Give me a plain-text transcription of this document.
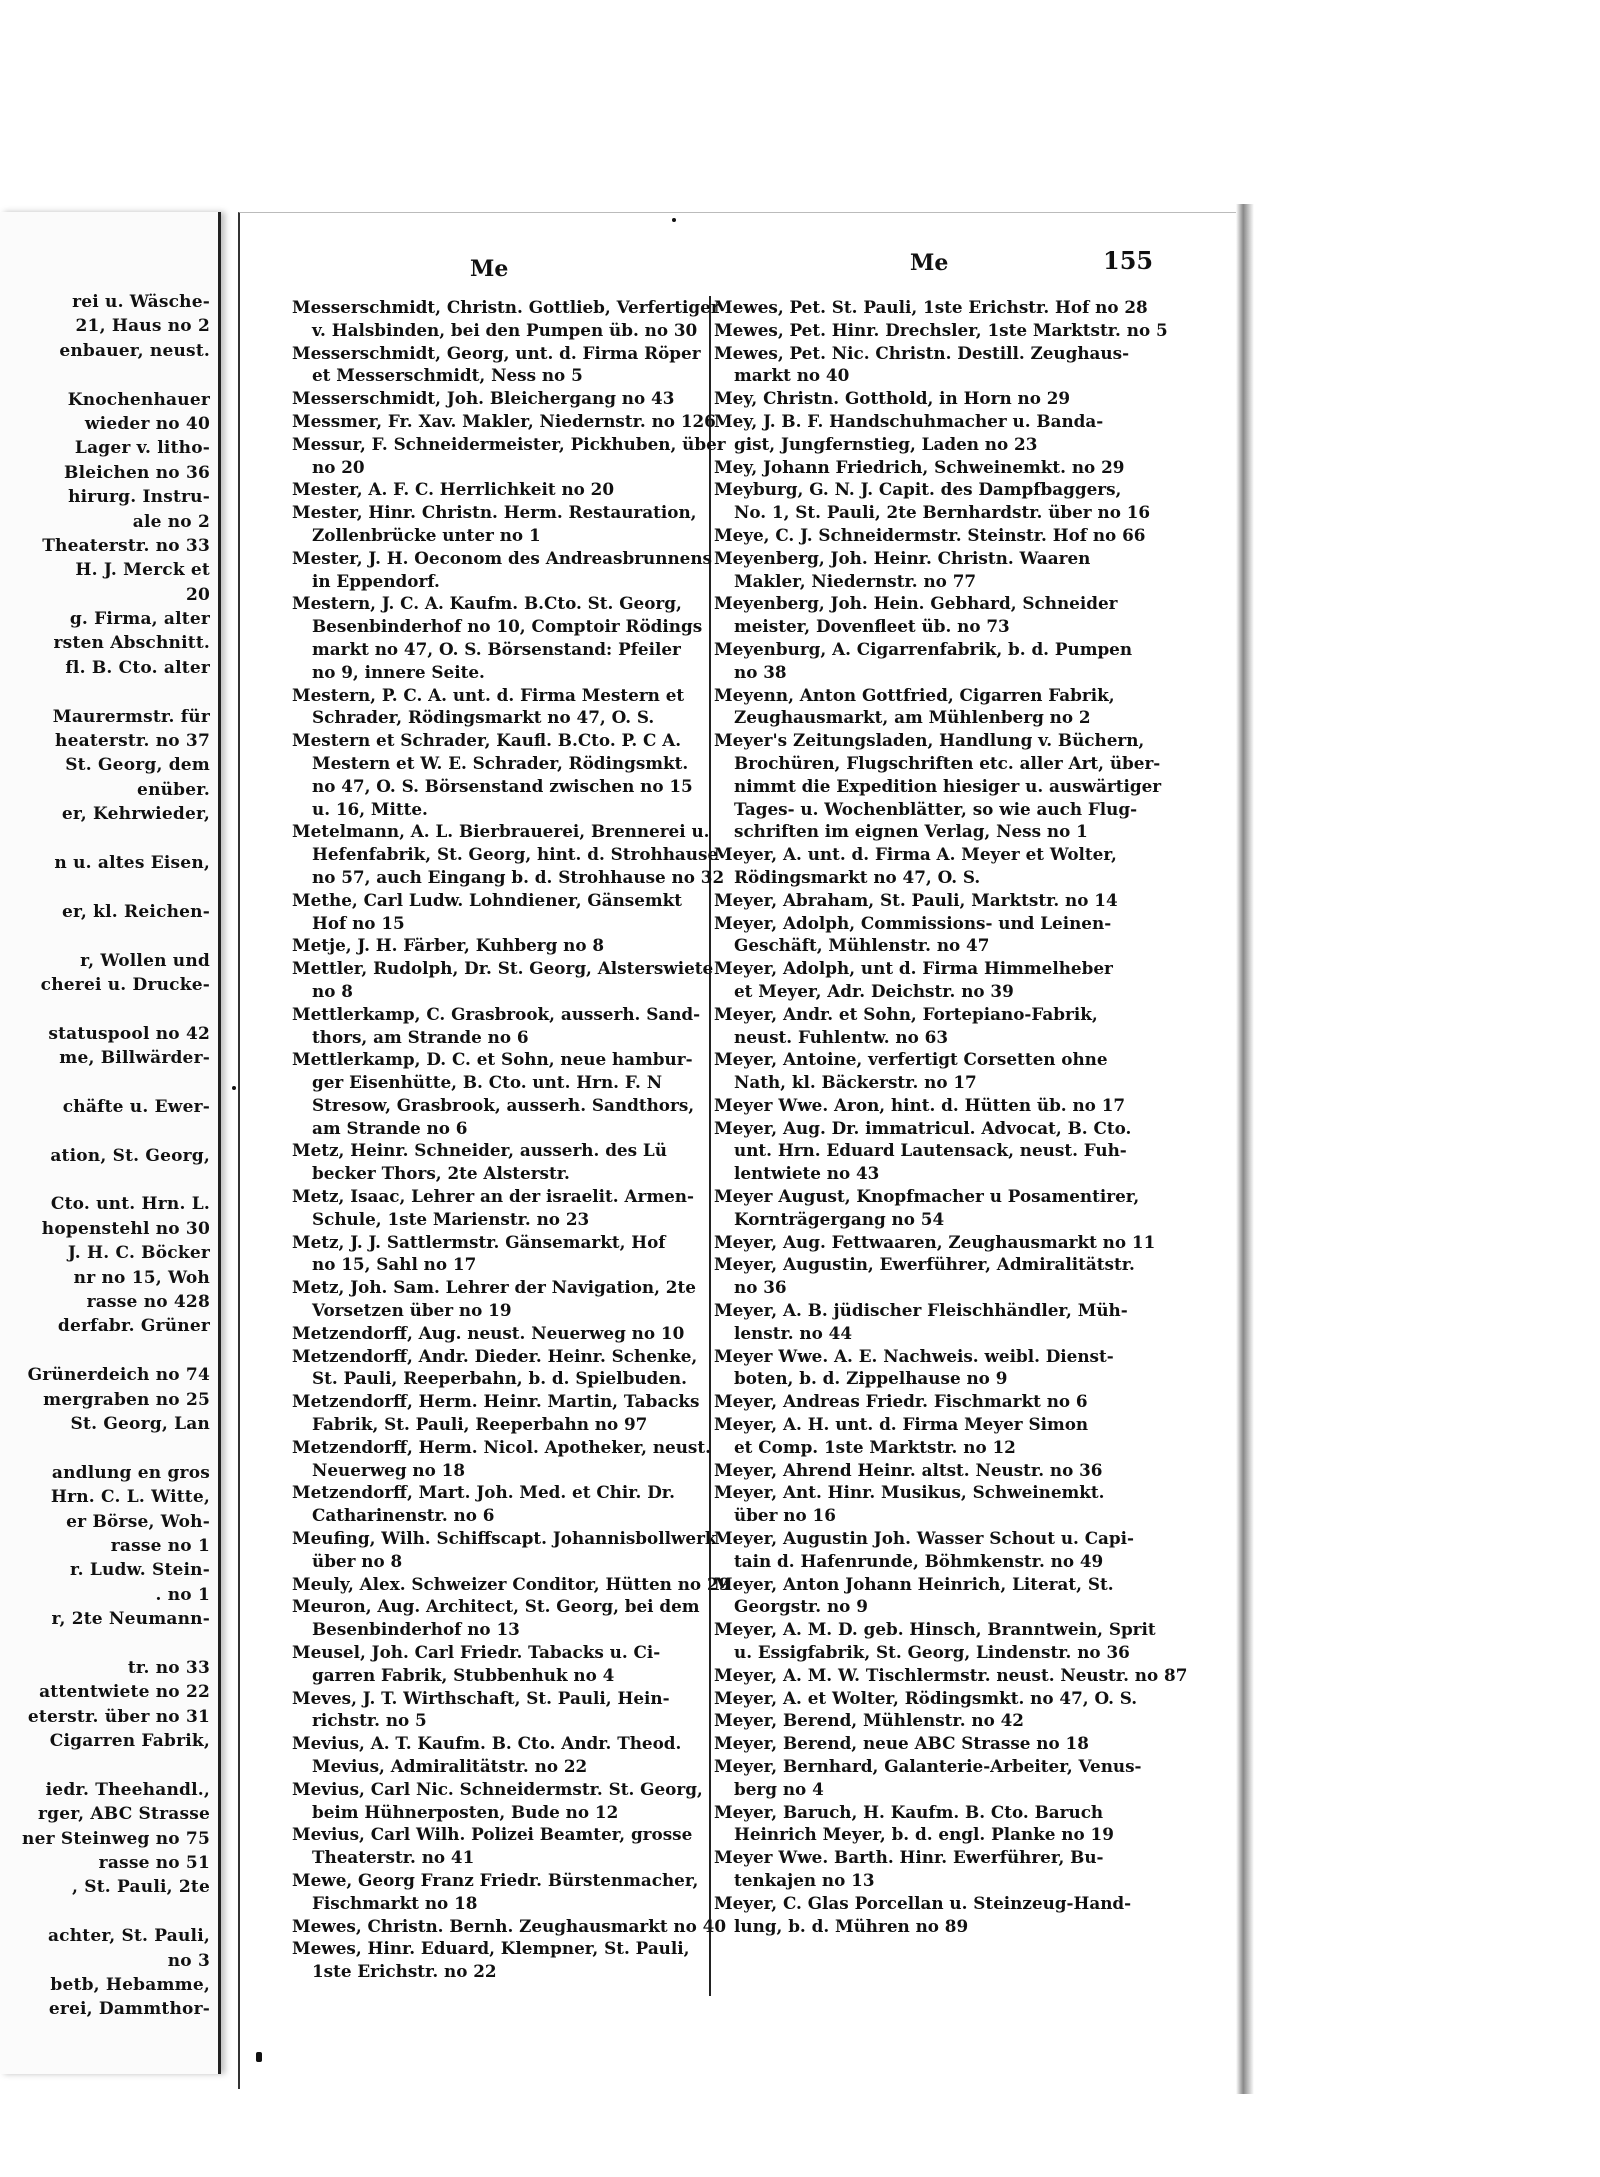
rei u. Wäsche-
21, Haus no 2
enbauer, neust.
Knochenhauer
wieder no 40
Lager v. litho-
Bleichen no 36
hirurg. Instru-
ale no 2
Theaterstr. no 33
H. J. Merck et
20
g. Firma, alter
rsten Abschnitt.
fl. B. Cto. alter
Maurermstr. für
heaterstr. no 37
St. Georg, dem
enüber.
er, Kehrwieder,
n u. altes Eisen,
er, kl. Reichen-
r, Wollen und
cherei u. Drucke-
statuspool no 42
me, Billwärder-
chäfte u. Ewer-
ation, St. Georg,
Cto. unt. Hrn. L.
hopenstehl no 30
J. H. C. Böcker
nr no 15, Woh
rasse no 428
derfabr. Grüner
Grünerdeich no 74
mergraben no 25
St. Georg, Lan
andlung en gros
Hrn. C. L. Witte,
er Börse, Woh-
rasse no 1
r. Ludw. Stein-
. no 1
r, 2te Neumann-
tr. no 33
attentwiete no 22
eterstr. über no 31
Cigarren Fabrik,
iedr. Theehandl.,
rger, ABC Strasse
ner Steinweg no 75
rasse no 51
, St. Pauli, 2te
achter, St. Pauli,
no 3
betb, Hebamme,
erei, Dammthor-
Me	Me	155
Messerschmidt, Christn. Gottlieb, Verfertiger
v. Halsbinden, bei den Pumpen üb. no 30
Messerschmidt, Georg, unt. d. Firma Röper
et Messerschmidt, Ness no 5
Messerschmidt, Joh. Bleichergang no 43
Messmer, Fr. Xav. Makler, Niedernstr. no 126
Messur, F. Schneidermeister, Pickhuben, über
no 20
Mester, A. F. C. Herrlichkeit no 20
Mester, Hinr. Christn. Herm. Restauration,
Zollenbrücke unter no 1
Mester, J. H. Oeconom des Andreasbrunnens
in Eppendorf.
Mestern, J. C. A. Kaufm. B.Cto. St. Georg,
Besenbinderhof no 10, Comptoir Rödings
markt no 47, O. S. Börsenstand: Pfeiler
no 9, innere Seite.
Mestern, P. C. A. unt. d. Firma Mestern et
Schrader, Rödingsmarkt no 47, O. S.
Mestern et Schrader, Kaufl. B.Cto. P. C A.
Mestern et W. E. Schrader, Rödingsmkt.
no 47, O. S. Börsenstand zwischen no 15
u. 16, Mitte.
Metelmann, A. L. Bierbrauerei, Brennerei u.
Hefenfabrik, St. Georg, hint. d. Strohhause
no 57, auch Eingang b. d. Strohhause no 32
Methe, Carl Ludw. Lohndiener, Gänsemkt
Hof no 15
Metje, J. H. Färber, Kuhberg no 8
Mettler, Rudolph, Dr. St. Georg, Alsterswiete
no 8
Mettlerkamp, C. Grasbrook, ausserh. Sand-
thors, am Strande no 6
Mettlerkamp, D. C. et Sohn, neue hambur-
ger Eisenhütte, B. Cto. unt. Hrn. F. N
Stresow, Grasbrook, ausserh. Sandthors,
am Strande no 6
Metz, Heinr. Schneider, ausserh. des Lü
becker Thors, 2te Alsterstr.
Metz, Isaac, Lehrer an der israelit. Armen-
Schule, 1ste Marienstr. no 23
Metz, J. J. Sattlermstr. Gänsemarkt, Hof
no 15, Sahl no 17
Metz, Joh. Sam. Lehrer der Navigation, 2te
Vorsetzen über no 19
Metzendorff, Aug. neust. Neuerweg no 10
Metzendorff, Andr. Dieder. Heinr. Schenke,
St. Pauli, Reeperbahn, b. d. Spielbuden.
Metzendorff, Herm. Heinr. Martin, Tabacks
Fabrik, St. Pauli, Reeperbahn no 97
Metzendorff, Herm. Nicol. Apotheker, neust.
Neuerweg no 18
Metzendorff, Mart. Joh. Med. et Chir. Dr.
Catharinenstr. no 6
Meufing, Wilh. Schiffscapt. Johannisbollwerk
über no 8
Meuly, Alex. Schweizer Conditor, Hütten no 29
Meuron, Aug. Architect, St. Georg, bei dem
Besenbinderhof no 13
Meusel, Joh. Carl Friedr. Tabacks u. Ci-
garren Fabrik, Stubbenhuk no 4
Meves, J. T. Wirthschaft, St. Pauli, Hein-
richstr. no 5
Mevius, A. T. Kaufm. B. Cto. Andr. Theod.
Mevius, Admiralitätstr. no 22
Mevius, Carl Nic. Schneidermstr. St. Georg,
beim Hühnerposten, Bude no 12
Mevius, Carl Wilh. Polizei Beamter, grosse
Theaterstr. no 41
Mewe, Georg Franz Friedr. Bürstenmacher,
Fischmarkt no 18
Mewes, Christn. Bernh. Zeughausmarkt no 40
Mewes, Hinr. Eduard, Klempner, St. Pauli,
1ste Erichstr. no 22
Mewes, Pet. St. Pauli, 1ste Erichstr. Hof no 28
Mewes, Pet. Hinr. Drechsler, 1ste Marktstr. no 5
Mewes, Pet. Nic. Christn. Destill. Zeughaus-
markt no 40
Mey, Christn. Gotthold, in Horn no 29
Mey, J. B. F. Handschuhmacher u. Banda-
gist, Jungfernstieg, Laden no 23
Mey, Johann Friedrich, Schweinemkt. no 29
Meyburg, G. N. J. Capit. des Dampfbaggers,
No. 1, St. Pauli, 2te Bernhardstr. über no 16
Meye, C. J. Schneidermstr. Steinstr. Hof no 66
Meyenberg, Joh. Heinr. Christn. Waaren
Makler, Niedernstr. no 77
Meyenberg, Joh. Hein. Gebhard, Schneider
meister, Dovenfleet üb. no 73
Meyenburg, A. Cigarrenfabrik, b. d. Pumpen
no 38
Meyenn, Anton Gottfried, Cigarren Fabrik,
Zeughausmarkt, am Mühlenberg no 2
Meyer's Zeitungsladen, Handlung v. Büchern,
Brochüren, Flugschriften etc. aller Art, über-
nimmt die Expedition hiesiger u. auswärtiger
Tages- u. Wochenblätter, so wie auch Flug-
schriften im eignen Verlag, Ness no 1
Meyer, A. unt. d. Firma A. Meyer et Wolter,
Rödingsmarkt no 47, O. S.
Meyer, Abraham, St. Pauli, Marktstr. no 14
Meyer, Adolph, Commissions- und Leinen-
Geschäft, Mühlenstr. no 47
Meyer, Adolph, unt d. Firma Himmelheber
et Meyer, Adr. Deichstr. no 39
Meyer, Andr. et Sohn, Fortepiano-Fabrik,
neust. Fuhlentw. no 63
Meyer, Antoine, verfertigt Corsetten ohne
Nath, kl. Bäckerstr. no 17
Meyer Wwe. Aron, hint. d. Hütten üb. no 17
Meyer, Aug. Dr. immatricul. Advocat, B. Cto.
unt. Hrn. Eduard Lautensack, neust. Fuh-
lentwiete no 43
Meyer August, Knopfmacher u Posamentirer,
Kornträgergang no 54
Meyer, Aug. Fettwaaren, Zeughausmarkt no 11
Meyer, Augustin, Ewerführer, Admiralitätstr.
no 36
Meyer, A. B. jüdischer Fleischhändler, Müh-
lenstr. no 44
Meyer Wwe. A. E. Nachweis. weibl. Dienst-
boten, b. d. Zippelhause no 9
Meyer, Andreas Friedr. Fischmarkt no 6
Meyer, A. H. unt. d. Firma Meyer Simon
et Comp. 1ste Marktstr. no 12
Meyer, Ahrend Heinr. altst. Neustr. no 36
Meyer, Ant. Hinr. Musikus, Schweinemkt.
über no 16
Meyer, Augustin Joh. Wasser Schout u. Capi-
tain d. Hafenrunde, Böhmkenstr. no 49
Meyer, Anton Johann Heinrich, Literat, St.
Georgstr. no 9
Meyer, A. M. D. geb. Hinsch, Branntwein, Sprit
u. Essigfabrik, St. Georg, Lindenstr. no 36
Meyer, A. M. W. Tischlermstr. neust. Neustr. no 87
Meyer, A. et Wolter, Rödingsmkt. no 47, O. S.
Meyer, Berend, Mühlenstr. no 42
Meyer, Berend, neue ABC Strasse no 18
Meyer, Bernhard, Galanterie-Arbeiter, Venus-
berg no 4
Meyer, Baruch, H. Kaufm. B. Cto. Baruch
Heinrich Meyer, b. d. engl. Planke no 19
Meyer Wwe. Barth. Hinr. Ewerführer, Bu-
tenkajen no 13
Meyer, C. Glas Porcellan u. Steinzeug-Hand-
lung, b. d. Mühren no 89
